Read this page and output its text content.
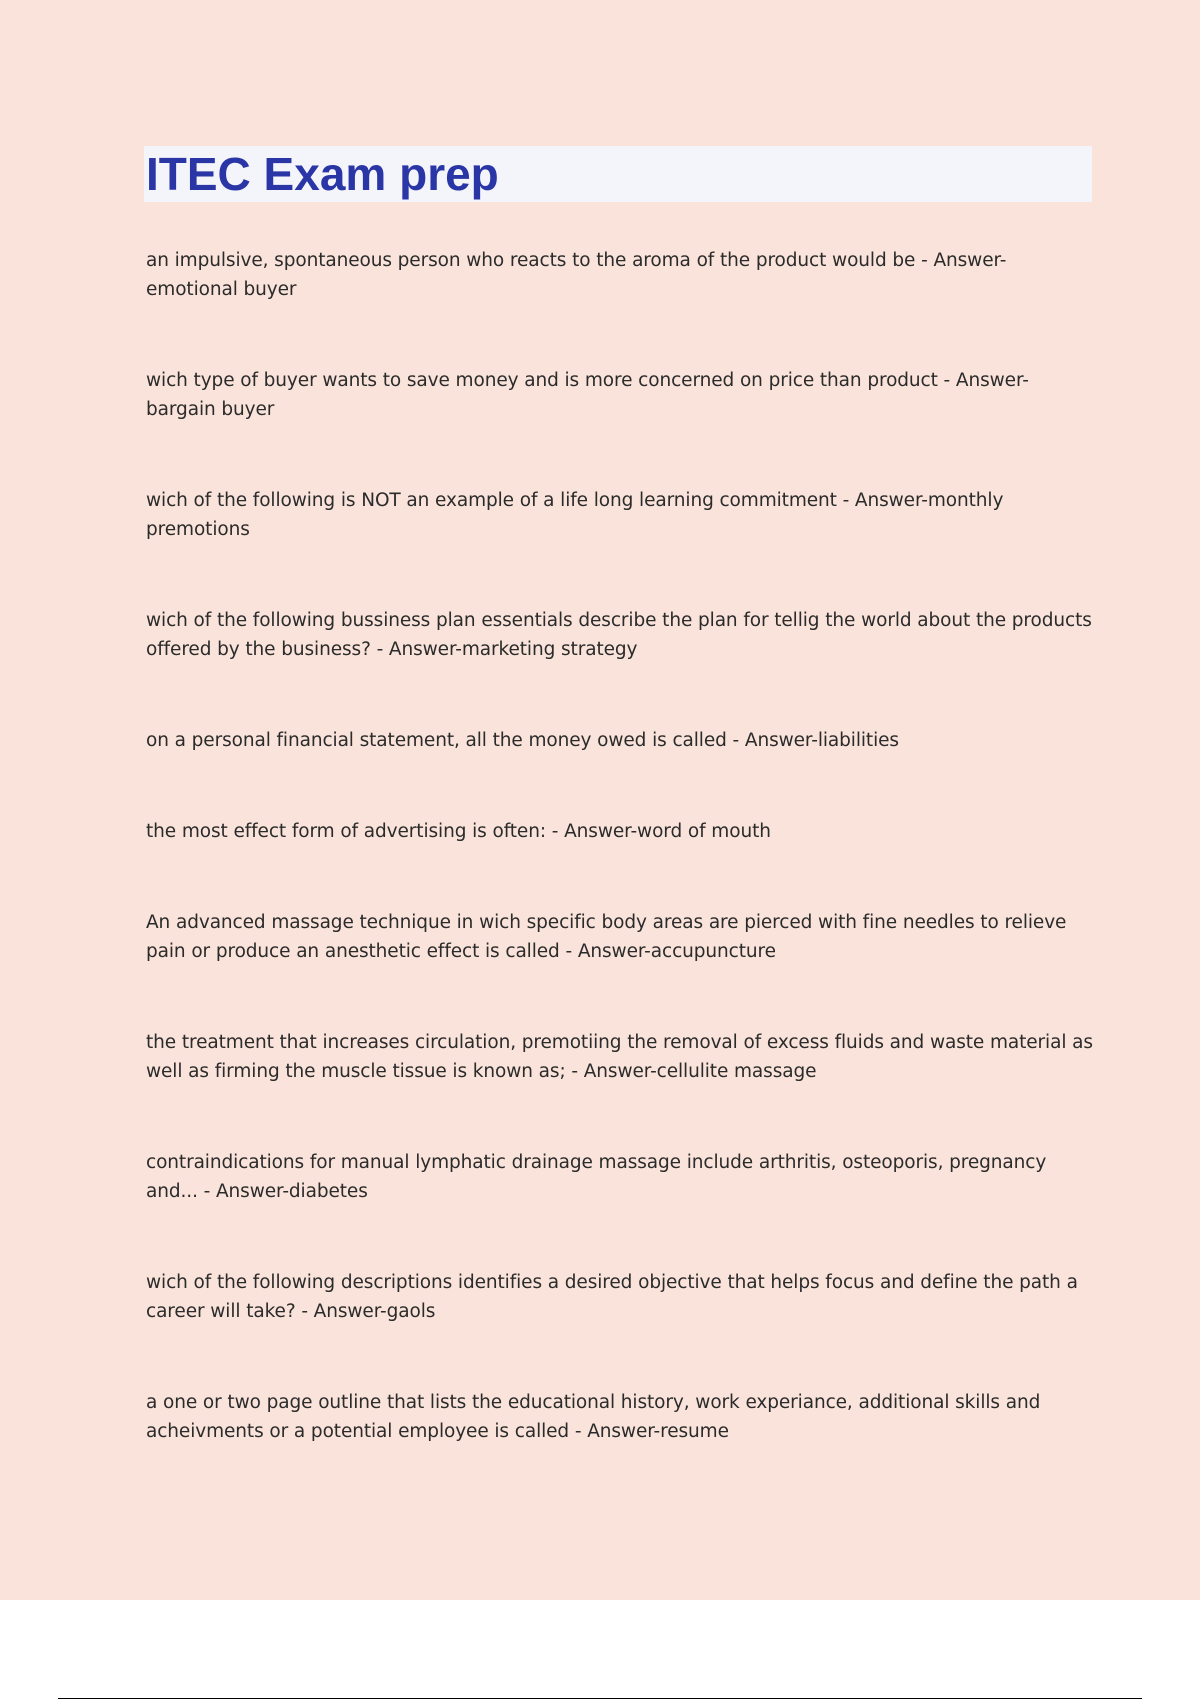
ITEC Exam prep
an impulsive, spontaneous person who reacts to the aroma of the product would be - Answer-emotional buyer
wich type of buyer wants to save money and is more concerned on price than product - Answer-bargain buyer
wich of the following is NOT an example of a life long learning commitment - Answer-monthly premotions
wich of the following bussiness plan essentials describe the plan for tellig the world about the products offered by the business? - Answer-marketing strategy
on a personal financial statement, all the money owed is called - Answer-liabilities
the most effect form of advertising is often: - Answer-word of mouth
An advanced massage technique in wich specific body areas are pierced with fine needles to relieve pain or produce an anesthetic effect is called - Answer-accupuncture
the treatment that increases circulation, premotiing the removal of excess fluids and waste material as well as firming the muscle tissue is known as; - Answer-cellulite massage
contraindications for manual lymphatic drainage massage include arthritis, osteoporis, pregnancy and... - Answer-diabetes
wich of the following descriptions identifies a desired objective that helps focus and define the path a career will take? - Answer-gaols
a one or two page outline that lists the educational history, work experiance, additional skills and acheivments or a potential employee is called - Answer-resume
